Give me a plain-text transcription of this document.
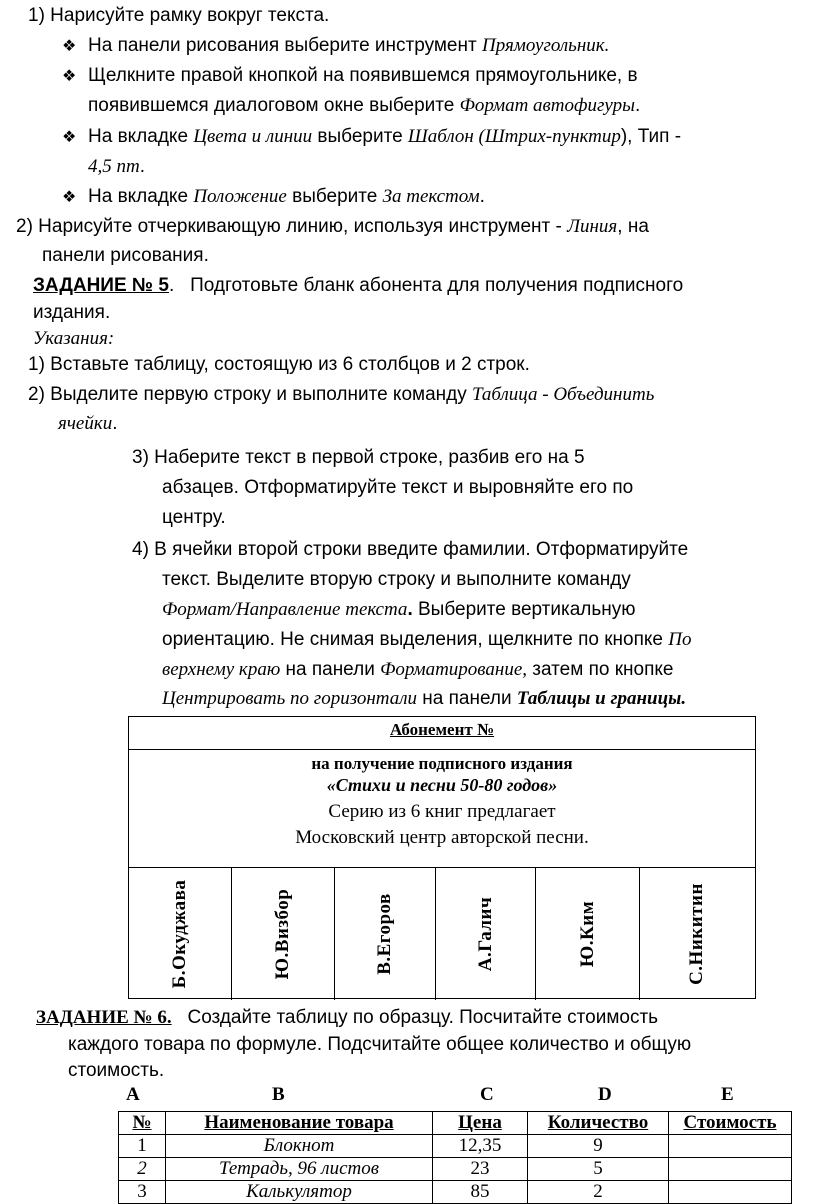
1) Нарисуйте рамку вокруг текста.
❖ На панели рисования выберите инструмент Прямоугольник.
❖ Щелкните правой кнопкой на появившемся прямоугольнике, в
появившемся диалоговом окне выберите Формат автофигуры.
❖ На вкладке Цвета и линии выберите Шаблон (Штрих-пунктир), Тип -
4,5 пт.
❖ На вкладке Положение выберите За текстом.
2) Нарисуйте отчеркивающую линию, используя инструмент - Линия, на
панели рисования.
ЗАДАНИЕ № 5. Подготовьте бланк абонента для получения подписного
издания.
Указания:
1) Вставьте таблицу, состоящую из 6 столбцов и 2 строк.
2) Выделите первую строку и выполните команду Таблица - Объединить
ячейки.
3) Наберите текст в первой строке, разбив его на 5
абзацев. Отформатируйте текст и выровняйте его по
центру.
4) В ячейки второй строки введите фамилии. Отформатируйте
текст. Выделите вторую строку и выполните команду
Формат/Направление текста. Выберите вертикальную
ориентацию. Не снимая выделения, щелкните по кнопке По
верхнему краю на панели Форматирование, затем по кнопке
Центрировать по горизонтали на панели Таблицы и границы.
Абонемент №
на получение подписного издания
«Стихи и песни 50-80 годов»
Серию из 6 книг предлагает
Московский центр авторской песни.
Б.Окуджава	Ю.Визбор	В.Егоров	А.Галич	Ю.Ким	С.Никитин
ЗАДАНИЕ № 6. Создайте таблицу по образцу. Посчитайте стоимость
каждого товара по формуле. Подсчитайте общее количество и общую
стоимость.
A	B	C	D	E
№	Наименование товара	Цена	Количество	Стоимость
1	Блокнот	12,35	9	
2	Тетрадь, 96 листов	23	5	
3	Калькулятор	85	2	
